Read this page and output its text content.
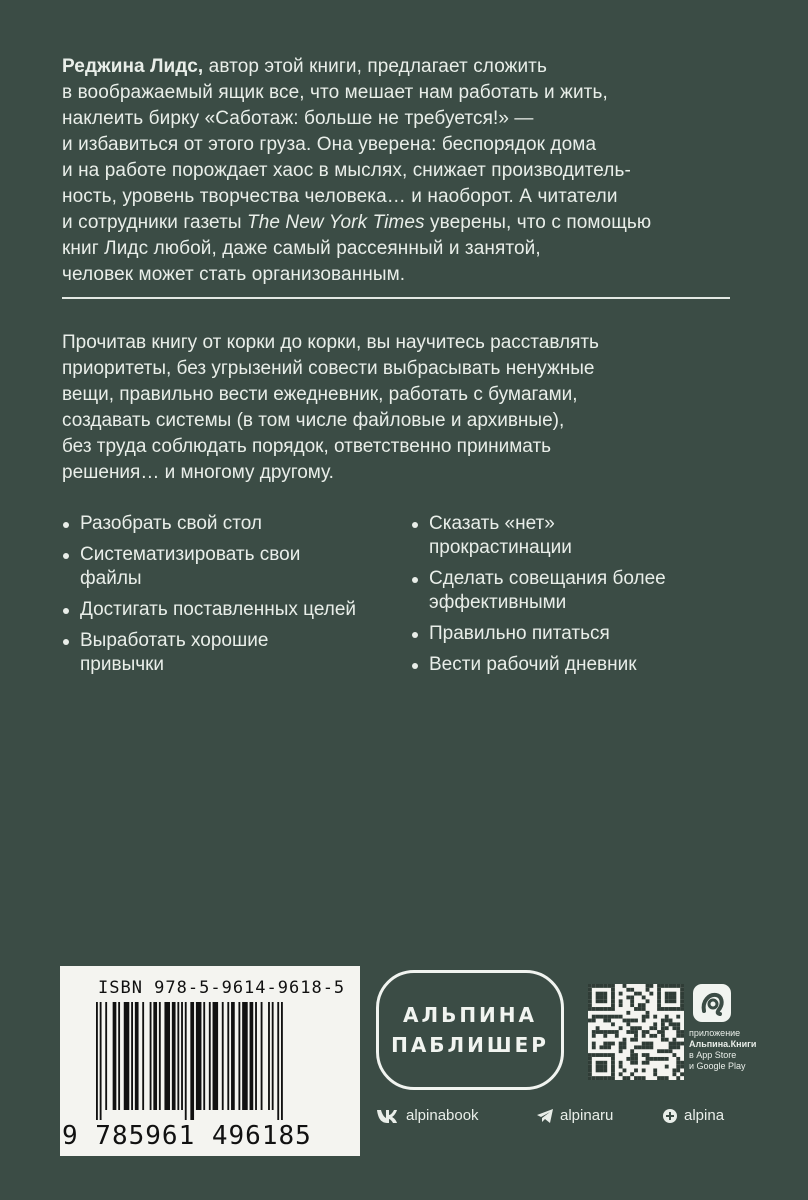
Реджина Лидс, автор этой книги, предлагает сложить
в воображаемый ящик все, что мешает нам работать и жить,
наклеить бирку «Саботаж: больше не требуется!» —
и избавиться от этого груза. Она уверена: беспорядок дома
и на работе порождает хаос в мыслях, снижает производитель-
ность, уровень творчества человека… и наоборот. А читатели
и сотрудники газеты The New York Times уверены, что с помощью
книг Лидс любой, даже самый рассеянный и занятой,
человек может стать организованным.
Прочитав книгу от корки до корки, вы научитесь расставлять
приоритеты, без угрызений совести выбрасывать ненужные
вещи, правильно вести ежедневник, работать с бумагами,
создавать системы (в том числе файловые и архивные),
без труда соблюдать порядок, ответственно принимать
решения… и многому другому.
Разобрать свой стол
Систематизировать свои файлы
Достигать поставленных целей
Выработать хорошие привычки
Сказать «нет» прокрастинации
Сделать совещания более эффективными
Правильно питаться
Вести рабочий дневник
ISBN 978-5-9614-9618-5
9 785961 496185
АЛЬПИНА
ПАБЛИШЕР	приложение
Альпина.Книги
в App Store
и Google Play
alpinabook	alpinaru	alpina
